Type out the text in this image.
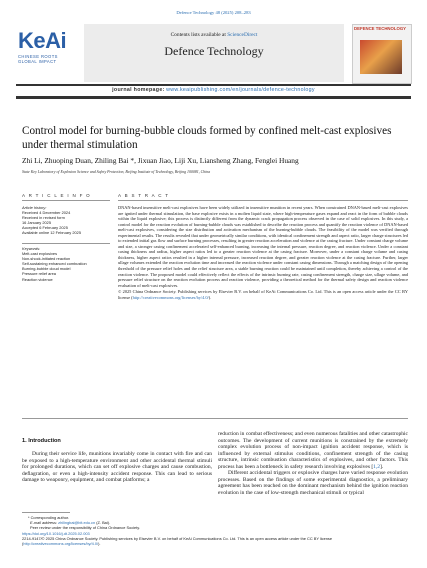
Defence Technology 48 (2025) 208–283
KeAi
CHINESE ROOTS
GLOBAL IMPACT
Contents lists available at ScienceDirect
Defence Technology
DEFENCE TECHNOLOGY
journal homepage: www.keaipublishing.com/en/journals/defence-technology
Control model for burning-bubble clouds formed by confined melt-cast explosives under thermal stimulation
Zhi Li, Zhuoping Duan, Zhiling Bai *, Jixuan Jiao, Liji Xu, Liansheng Zhang, Fenglei Huang
State Key Laboratory of Explosion Science and Safety Protection, Beijing Institute of Technology, Beijing 100081, China
A R T I C L E I N F O
Article history:
Received 4 December 2024
Received in revised form
16 January 2025
Accepted 6 February 2025
Available online 12 February 2025
Keywords:
Melt-cast explosives
Non-shock-initiated reaction
Self-sustaining enhanced combustion
Burning-bubble cloud model
Pressure relief area
Reaction violence
A B S T R A C T
DNAN-based insensitive melt-cast explosives have been widely utilized in insensitive munition in recent years. When constrained DNAN-based melt-cast explosives are ignited under thermal stimulation, the base explosive exists in a molten liquid state, where high-temperature gases expand and react in the form of bubble clouds within the liquid explosive; this process is distinctly different from the dynamic crack propagation process observed in the case of solid explosives. In this study, a control model for the reaction evolution of burning-bubble clouds was established to describe the reaction process and quantify the reaction violence of DNAN-based melt-cast explosives, considering the size distribution and activation mechanism of the burning-bubble clouds. The feasibility of the model was verified through experimental results. The results revealed that under geometrically similar conditions, with identical confinement strength and aspect ratio, larger charge structures led to extended initial gas flow and surface burning processes, resulting in greater reaction acceleration and violence at the casing fracture. Under constant charge volume and size, a stronger casing confinement accelerated self-enhanced burning, increasing the internal pressure, reaction degree, and reaction violence. Under a constant casing thickness and radius, higher aspect ratios led to a greater reaction violence at the casing fracture. Moreover, under a constant charge volume and casing thickness, higher aspect ratios resulted in a higher internal pressure, increased reaction degree, and greater reaction violence at the casing fracture. Further, larger ullage volumes extended the reaction evolution time and increased the reaction violence under constant casing dimensions. Through a matching design of the opening threshold of the pressure relief holes and the relief structure area, a stable burning reaction could be maintained until completion, thereby achieving a control of the reaction violence. The proposed model could effectively reflect the effects of the intrinsic burning rate, casing confinement strength, charge size, ullage volume, and pressure relief structure on the reaction evolution process and reaction violence, providing a theoretical method for the thermal safety design and reaction violence evaluation of melt-cast explosives.
© 2025 China Ordnance Society. Publishing services by Elsevier B.V. on behalf of KeAi Communications Co. Ltd. This is an open access article under the CC BY license (http://creativecommons.org/licenses/by/4.0/).
1. Introduction
During their service life, munitions invariably come in contact with fire and can be exposed to a high-temperature environment and other accidental thermal stimuli for prolonged durations, which can set off explosive charges and cause combustion, deflagration, or even a high-intensity accident response. This can lead to serious damage to weaponry, equipment, and combat platforms; a
reduction in combat effectiveness; and even numerous fatalities and other catastrophic outcomes. The development of current munitions is constrained by the extremely complex evolution process of non-impact ignition accident response, which is influenced by external stimulus conditions, confinement strength of the casing structure, intrinsic combustion characteristics of explosives, and other factors. This process has been a bottleneck in safety research involving explosives [1,2].
Different accidental triggers or explosive charges have varied response evolution processes. Based on the findings of some experimental diagnostics, a preliminary agreement has been reached on the dominant mechanism behind the ignition reaction evolution in the case of low-strength mechanical stimuli or typical
* Corresponding author.
E-mail address: zhilingbai@bit.edu.cn (Z. Bai).
Peer review under the responsibility of China Ordnance Society.
https://doi.org/10.1016/j.dt.2025.02.003
2214-9147/© 2025 China Ordnance Society. Publishing services by Elsevier B.V. on behalf of KeAi Communications Co. Ltd. This is an open access article under the CC BY license (http://creativecommons.org/licenses/by/4.0/).
